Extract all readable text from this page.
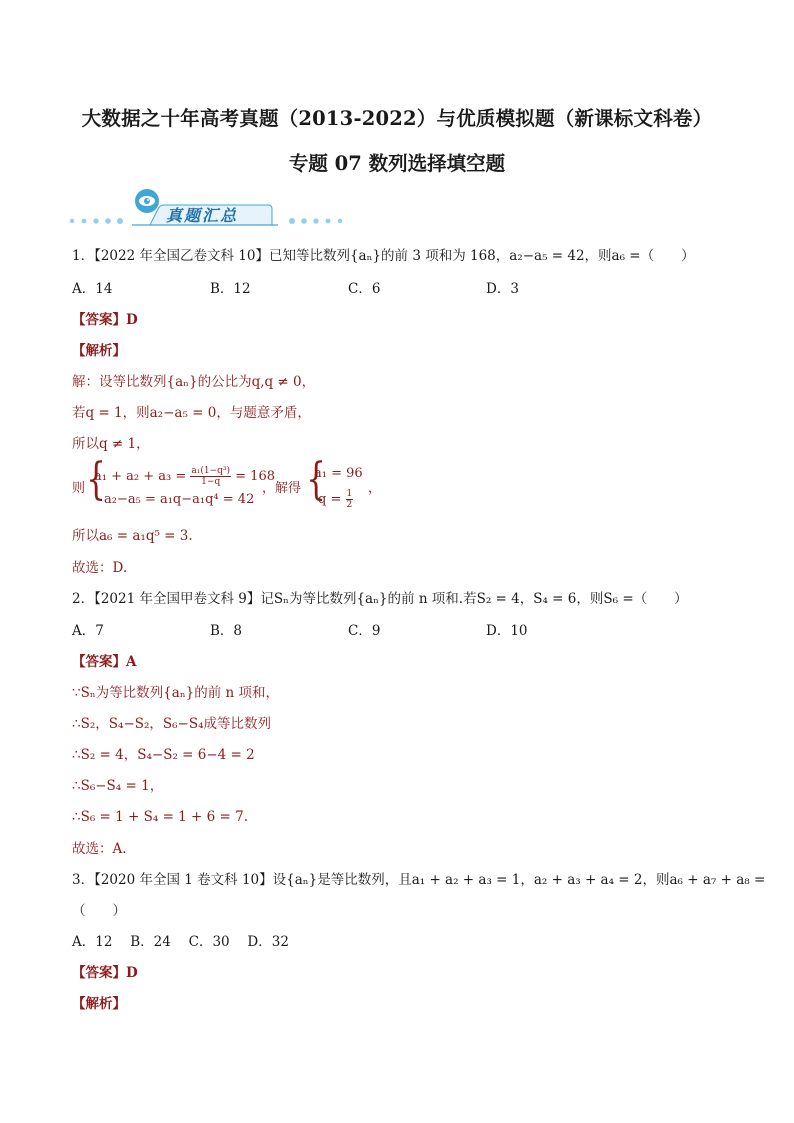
大数据之十年高考真题（2013-2022）与优质模拟题（新课标文科卷）
专题 07 数列选择填空题
真题汇总
1．【2022 年全国乙卷文科 10】已知等比数列{aₙ}的前 3 项和为 168，a₂−a₅ = 42，则a₆ =（　　）
A．14	B．12	C．6	D．3
【答案】D
【解析】
解：设等比数列{aₙ}的公比为q,q ≠ 0，
若q = 1，则a₂−a₅ = 0，与题意矛盾，
所以q ≠ 1，
则 {
$a_1 + a_2 + a_3 = \frac{\text{a₁(1−q³)}}{1-q} = 168$
a₂−a₅ = a₁q−a₁q⁴ = 42
，解得 {
a₁ = 96
$q = \frac{1}{2}$
，
所以a₆ = a₁q⁵ = 3.
故选：D.
2．【2021 年全国甲卷文科 9】记Sₙ为等比数列{aₙ}的前 n 项和.若S₂ = 4，S₄ = 6，则S₆ =（　　）
A．7	B．8	C．9	D．10
【答案】A
∵Sₙ为等比数列{aₙ}的前 n 项和，
∴S₂，S₄−S₂，S₆−S₄成等比数列
∴S₂ = 4，S₄−S₂ = 6−4 = 2
∴S₆−S₄ = 1，
∴S₆ = 1 + S₄ = 1 + 6 = 7.
故选：A.
3．【2020 年全国 1 卷文科 10】设{aₙ}是等比数列，且a₁ + a₂ + a₃ = 1，a₂ + a₃ + a₄ = 2，则a₆ + a₇ + a₈ =
（　　）
A．12　 B．24　 C．30　 D．32
【答案】D
【解析】
